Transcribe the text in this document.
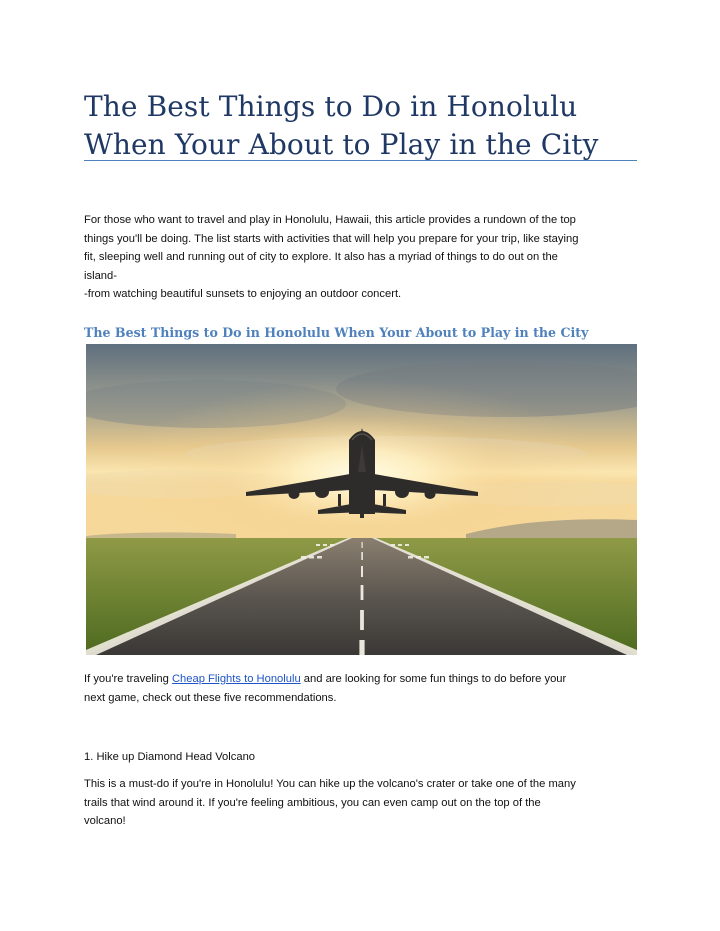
The Best Things to Do in Honolulu When Your About to Play in the City

For those who want to travel and play in Honolulu, Hawaii, this article provides a rundown of the top
things you'll be doing. The list starts with activities that will help you prepare for your trip, like staying
fit, sleeping well and running out of city to explore. It also has a myriad of things to do out on the
island-
-from watching beautiful sunsets to enjoying an outdoor concert.

The Best Things to Do in Honolulu When Your About to Play in the City

If you're traveling Cheap Flights to Honolulu and are looking for some fun things to do before your
next game, check out these five recommendations.

1. Hike up Diamond Head Volcano

This is a must-do if you're in Honolulu! You can hike up the volcano's crater or take one of the many
trails that wind around it. If you're feeling ambitious, you can even camp out on the top of the
volcano!
